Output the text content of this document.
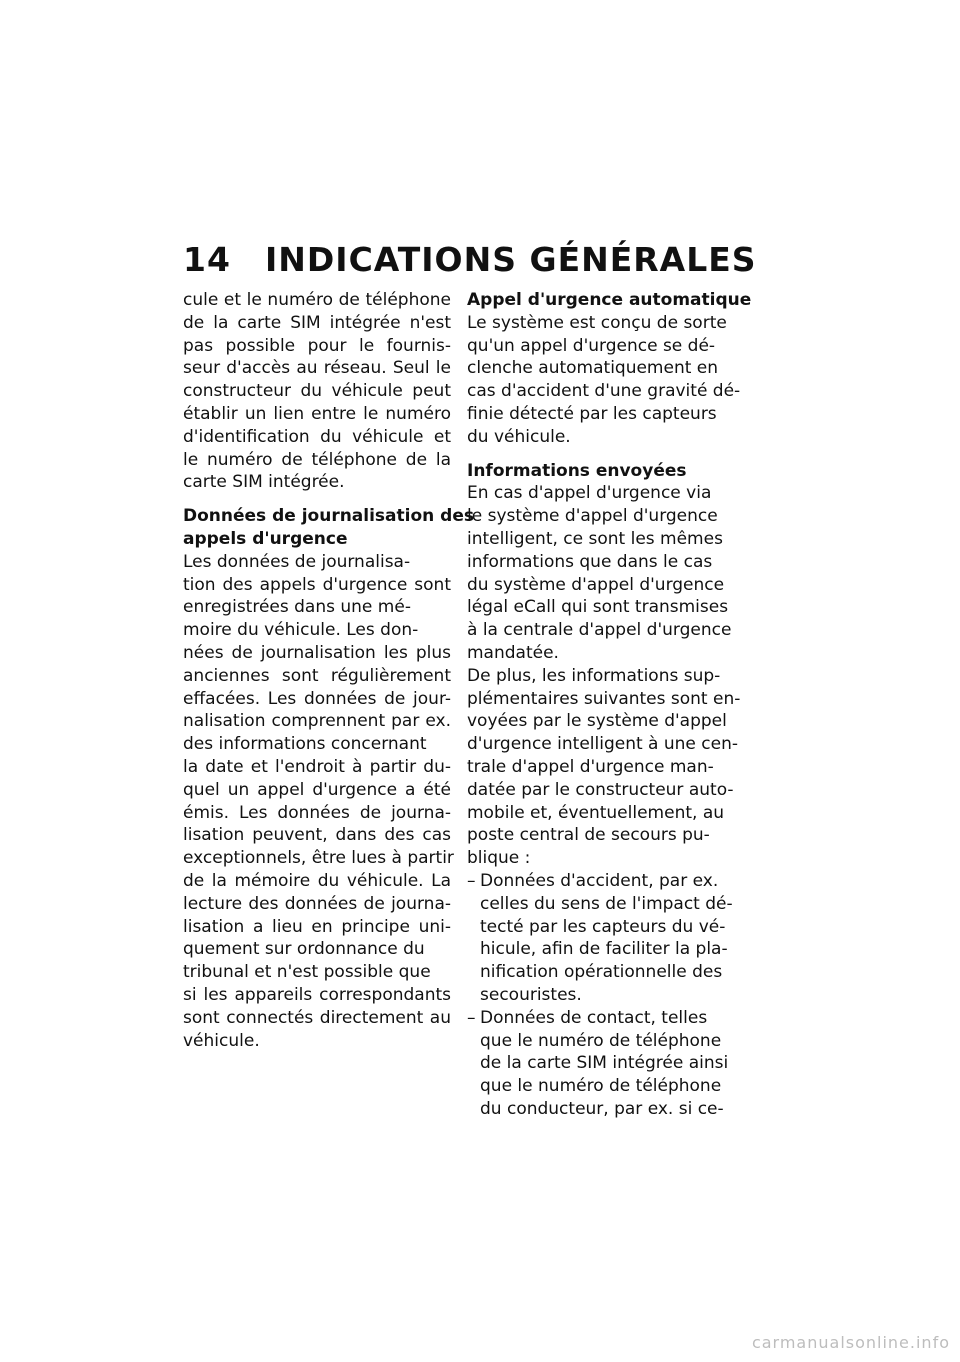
14 INDICATIONS GÉNÉRALES
cule et le numéro de téléphone
de la carte SIM intégrée n'est
pas possible pour le fournis-
seur d'accès au réseau. Seul le
constructeur du véhicule peut
établir un lien entre le numéro
d'identification du véhicule et
le numéro de téléphone de la
carte SIM intégrée.
Données de journalisation des
appels d'urgence
Les données de journalisa-
tion des appels d'urgence sont
enregistrées dans une mé-
moire du véhicule. Les don-
nées de journalisation les plus
anciennes sont régulièrement
effacées. Les données de jour-
nalisation comprennent par ex.
des informations concernant
la date et l'endroit à partir du-
quel un appel d'urgence a été
émis. Les données de journa-
lisation peuvent, dans des cas
exceptionnels, être lues à partir
de la mémoire du véhicule. La
lecture des données de journa-
lisation a lieu en principe uni-
quement sur ordonnance du
tribunal et n'est possible que
si les appareils correspondants
sont connectés directement au
véhicule.
Appel d'urgence automatique
Le système est conçu de sorte
qu'un appel d'urgence se dé-
clenche automatiquement en
cas d'accident d'une gravité dé-
finie détecté par les capteurs
du véhicule.
Informations envoyées
En cas d'appel d'urgence via
le système d'appel d'urgence
intelligent, ce sont les mêmes
informations que dans le cas
du système d'appel d'urgence
légal eCall qui sont transmises
à la centrale d'appel d'urgence
mandatée.
De plus, les informations sup-
plémentaires suivantes sont en-
voyées par le système d'appel
d'urgence intelligent à une cen-
trale d'appel d'urgence man-
datée par le constructeur auto-
mobile et, éventuellement, au
poste central de secours pu-
blique :
– Données d'accident, par ex.
celles du sens de l'impact dé-
tecté par les capteurs du vé-
hicule, afin de faciliter la pla-
nification opérationnelle des
secouristes.
– Données de contact, telles
que le numéro de téléphone
de la carte SIM intégrée ainsi
que le numéro de téléphone
du conducteur, par ex. si ce-
carmanualsonline.info
